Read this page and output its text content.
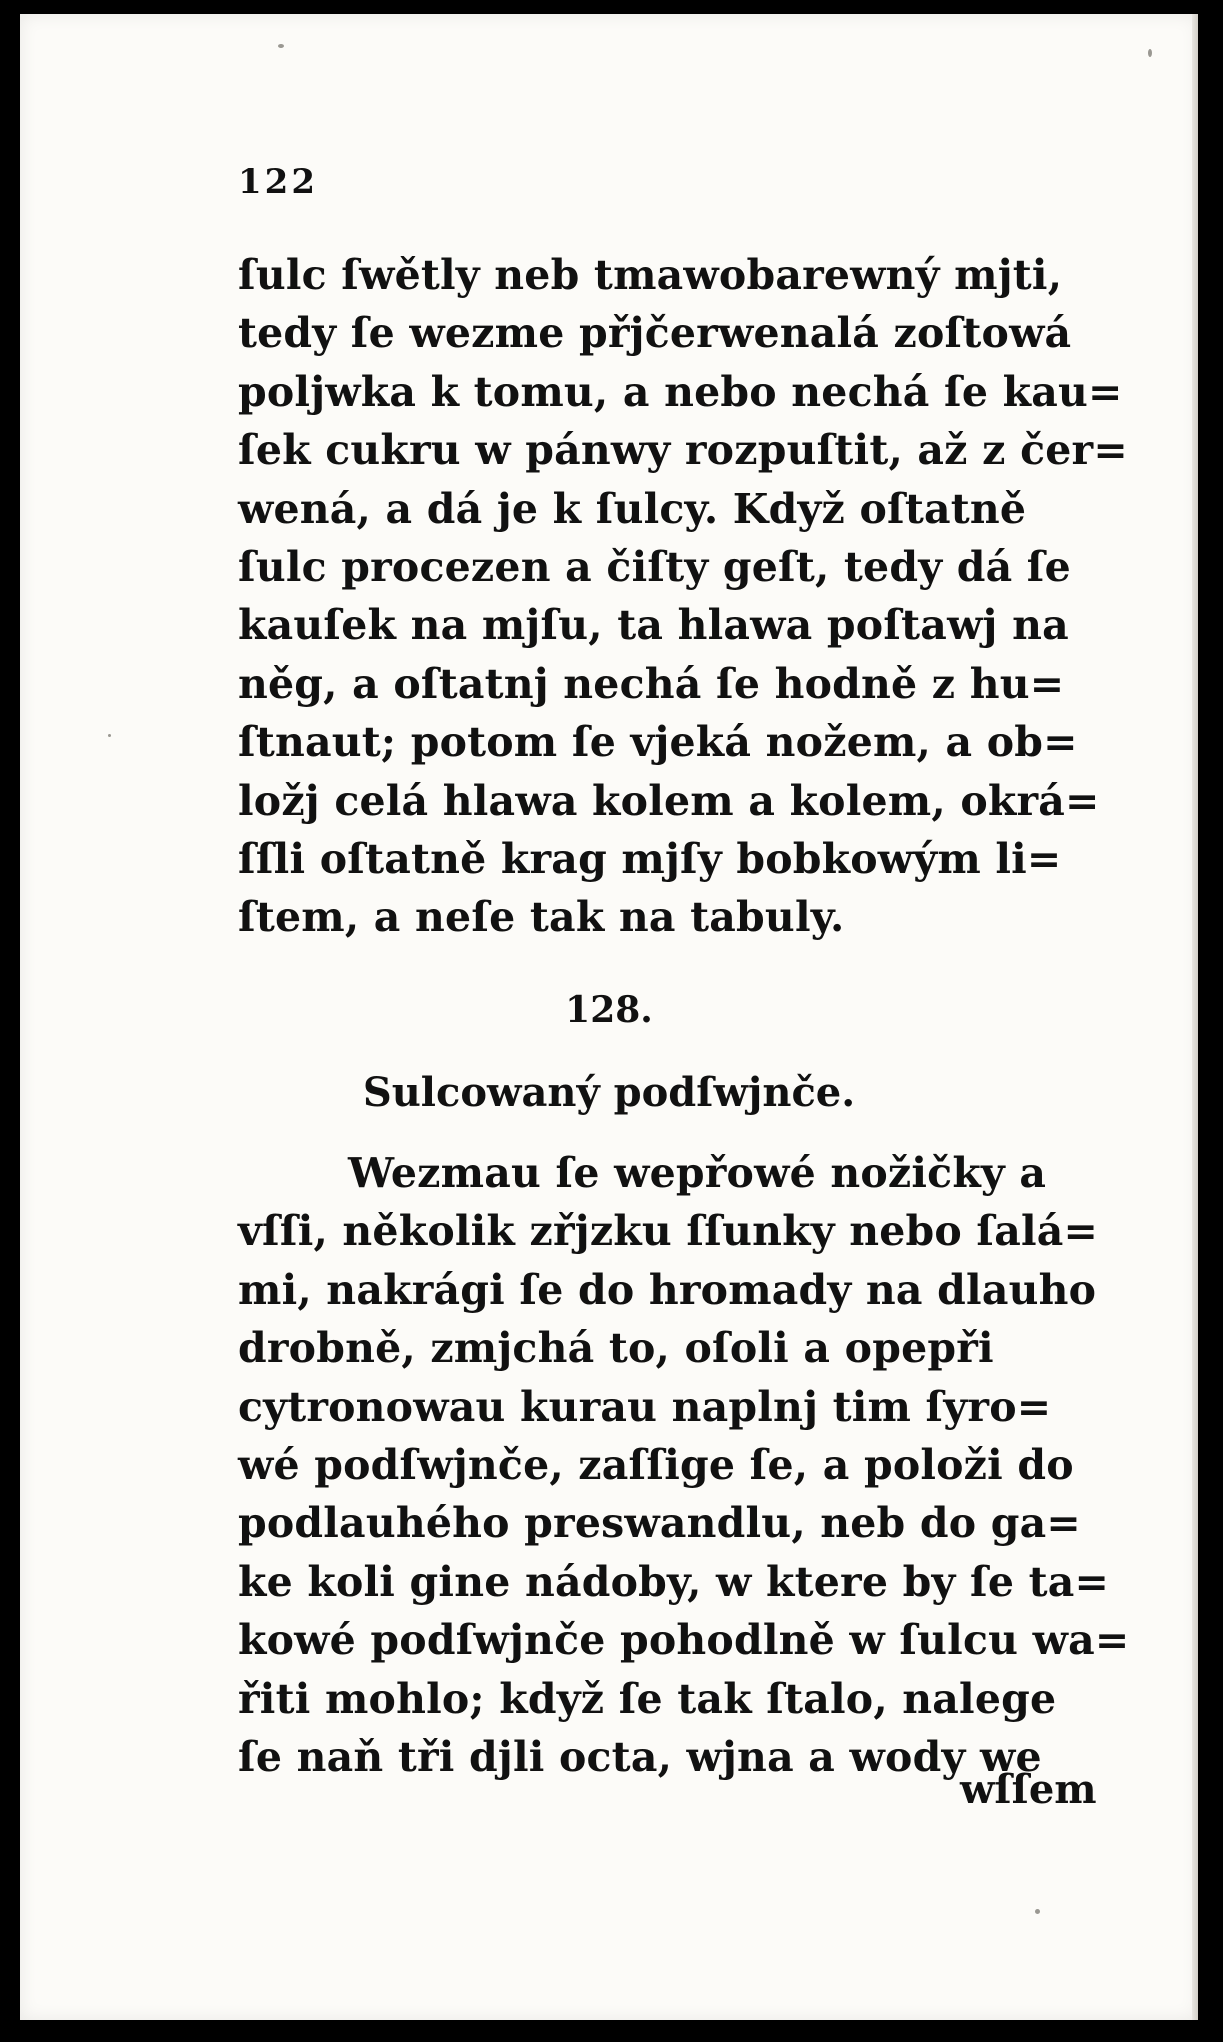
122
ſulc ſwětly neb tmawobarewný mjti,
tedy ſe wezme přjčerwenalá zoſtowá
poljwka k tomu, a nebo nechá ſe kau=
ſek cukru w pánwy rozpuſtit, až z čer=
wená, a dá je k ſulcy. Když oſtatně
ſulc procezen a čiſty geſt, tedy dá ſe
kauſek na mjſu, ta hlawa poſtawj na
něg, a oſtatnj nechá ſe hodně z hu=
ſtnaut; potom ſe vjeká nožem, a ob=
ložj celá hlawa kolem a kolem, okrá=
ſſli oſtatně krag mjſy bobkowým li=
ſtem, a neſe tak na tabuly.
128.
Sulcowaný podſwjnče.
Wezmau ſe wepřowé nožičky a
vſſi, několik zřjzku ſſunky nebo ſalá=
mi, nakrági ſe do hromady na dlauho
drobně, zmjchá to, oſoli a opepři
cytronowau kurau naplnj tim ſyro=
wé podſwjnče, zaſſige ſe, a položi do
podlauhého preswandlu, neb do ga=
ke koli gine nádoby, w ktere by ſe ta=
kowé podſwjnče pohodlně w ſulcu wa=
řiti mohlo; když ſe tak ſtalo, nalege
ſe naň tři djli octa, wjna a wody we
wſſem
